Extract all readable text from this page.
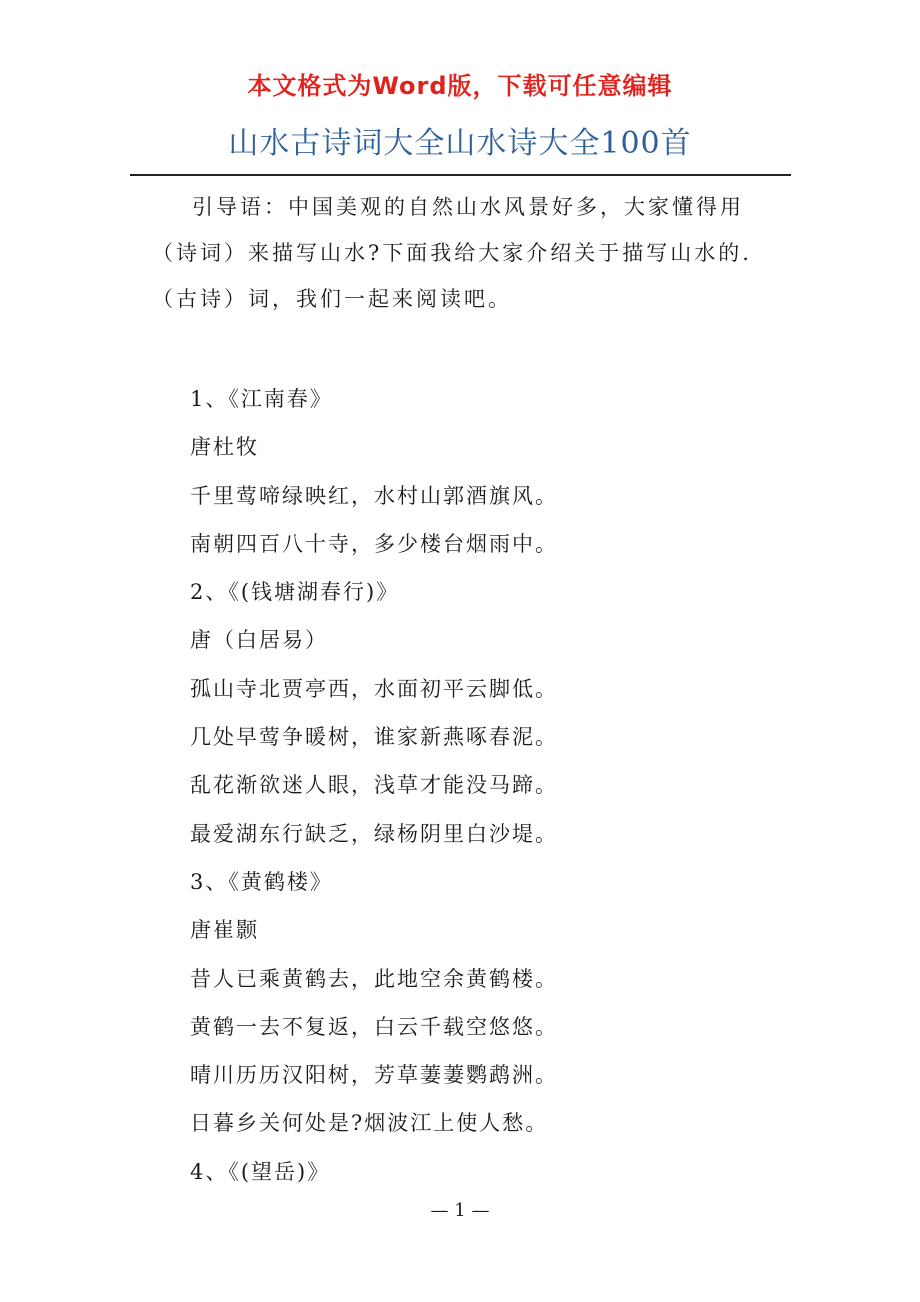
本文格式为Word版，下载可任意编辑
山水古诗词大全山水诗大全100首
引导语：中国美观的自然山水风景好多，大家懂得用
（诗词）来描写山水?下面我给大家介绍关于描写山水的.
（古诗）词，我们一起来阅读吧。
1、《江南春》
唐杜牧
千里莺啼绿映红，水村山郭酒旗风。
南朝四百八十寺，多少楼台烟雨中。
2、《(钱塘湖春行)》
唐（白居易）
孤山寺北贾亭西，水面初平云脚低。
几处早莺争暖树，谁家新燕啄春泥。
乱花渐欲迷人眼，浅草才能没马蹄。
最爱湖东行缺乏，绿杨阴里白沙堤。
3、《黄鹤楼》
唐崔颢
昔人已乘黄鹤去，此地空余黄鹤楼。
黄鹤一去不复返，白云千载空悠悠。
晴川历历汉阳树，芳草萋萋鹦鹉洲。
日暮乡关何处是?烟波江上使人愁。
4、《(望岳)》
— 1 —
